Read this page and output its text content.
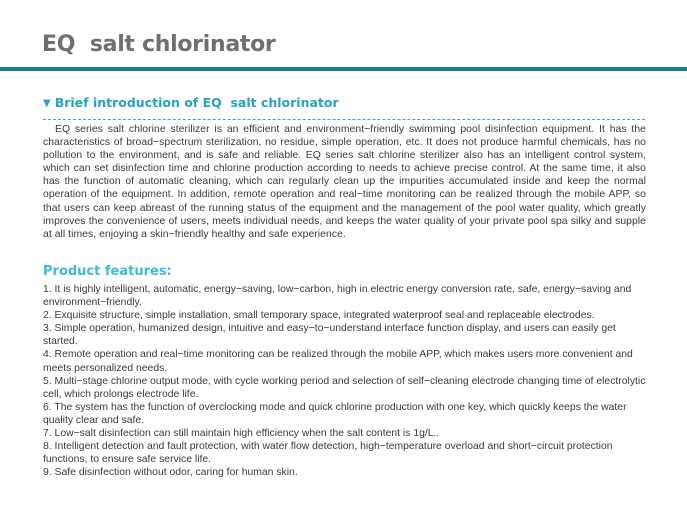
EQ  salt chlorinator
▼ Brief introduction of EQ  salt chlorinator

EQ series salt chlorine sterilizer is an efficient and environment−friendly swimming pool disinfection equipment. It has the characteristics of broad−spectrum sterilization, no residue, simple operation, etc. It does not produce harmful chemicals, has no pollution to the environment, and is safe and reliable. EQ series salt chlorine sterilizer also has an intelligent control system, which can set disinfection time and chlorine production according to needs to achieve precise control. At the same time, it also has the function of automatic cleaning, which can regularly clean up the impurities accumulated inside and keep the normal operation of the equipment. In addition, remote operation and real−time monitoring can be realized through the mobile APP, so that users can keep abreast of the running status of the equipment and the management of the pool water quality, which greatly improves the convenience of users, meets individual needs, and keeps the water quality of your private pool spa silky and supple at all times, enjoying a skin−friendly healthy and safe experience.

Product features:
1. It is highly intelligent, automatic, energy−saving, low−carbon, high in electric energy conversion rate, safe, energy−saving and environment−friendly.
2. Exquisite structure, simple installation, small temporary space, integrated waterproof seal and replaceable electrodes.
3. Simple operation, humanized design, intuitive and easy−to−understand interface function display, and users can easily get started.
4. Remote operation and real−time monitoring can be realized through the mobile APP, which makes users more convenient and meets personalized needs.
5. Multi−stage chlorine output mode, with cycle working period and selection of self−cleaning electrode changing time of electrolytic cell, which prolongs electrode life.
6. The system has the function of overclocking mode and quick chlorine production with one key, which quickly keeps the water quality clear and safe.
7. Low−salt disinfection can still maintain high efficiency when the salt content is 1g/L..
8. Intelligent detection and fault protection, with water flow detection, high−temperature overload and short−circuit protection functions, to ensure safe service life.
9. Safe disinfection without odor, caring for human skin.
